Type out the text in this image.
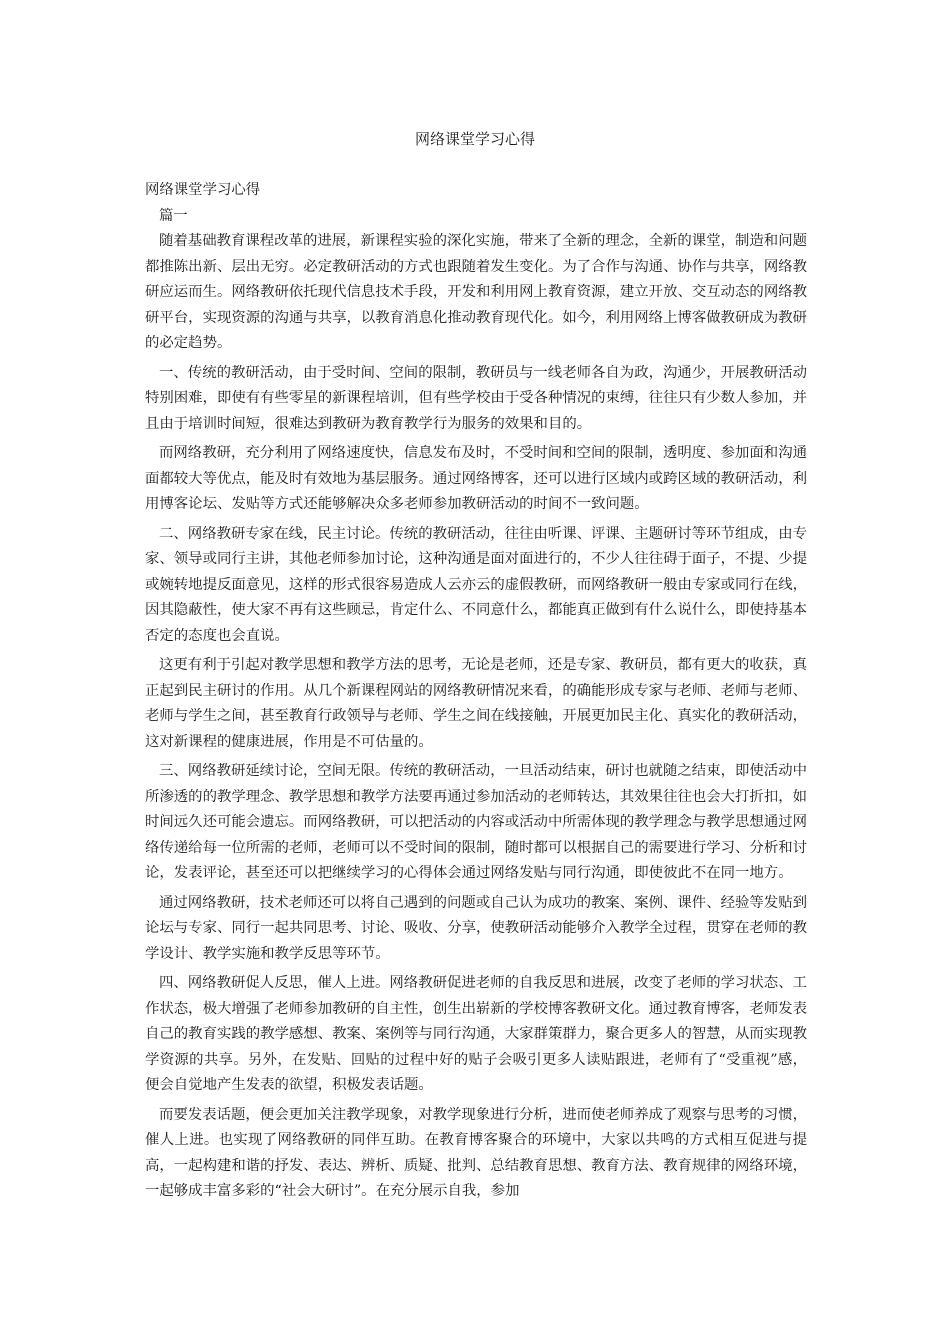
网络课堂学习心得

网络课堂学习心得

篇一

随着基础教育课程改革的进展，新课程实验的深化实施，带来了全新的理念，全新的课堂，制造和问题都推陈出新、层出无穷。必定教研活动的方式也跟随着发生变化。为了合作与沟通、协作与共享，网络教研应运而生。网络教研依托现代信息技术手段，开发和利用网上教育资源，建立开放、交互动态的网络教研平台，实现资源的沟通与共享，以教育消息化推动教育现代化。如今，利用网络上博客做教研成为教研的必定趋势。

一、传统的教研活动，由于受时间、空间的限制，教研员与一线老师各自为政，沟通少，开展教研活动特别困难，即使有有些零星的新课程培训，但有些学校由于受各种情况的束缚，往往只有少数人参加，并且由于培训时间短，很难达到教研为教育教学行为服务的效果和目的。

而网络教研，充分利用了网络速度快，信息发布及时，不受时间和空间的限制，透明度、参加面和沟通面都较大等优点，能及时有效地为基层服务。通过网络博客，还可以进行区域内或跨区域的教研活动，利用博客论坛、发贴等方式还能够解决众多老师参加教研活动的时间不一致问题。

二、网络教研专家在线，民主讨论。传统的教研活动，往往由听课、评课、主题研讨等环节组成，由专家、领导或同行主讲，其他老师参加讨论，这种沟通是面对面进行的，不少人往往碍于面子，不提、少提或婉转地提反面意见，这样的形式很容易造成人云亦云的虚假教研，而网络教研一般由专家或同行在线，因其隐蔽性，使大家不再有这些顾忌，肯定什么、不同意什么，都能真正做到有什么说什么，即使持基本否定的态度也会直说。

这更有利于引起对教学思想和教学方法的思考，无论是老师，还是专家、教研员，都有更大的收获，真正起到民主研讨的作用。从几个新课程网站的网络教研情况来看，的确能形成专家与老师、老师与老师、老师与学生之间，甚至教育行政领导与老师、学生之间在线接触，开展更加民主化、真实化的教研活动，这对新课程的健康进展，作用是不可估量的。

三、网络教研延续讨论，空间无限。传统的教研活动，一旦活动结束，研讨也就随之结束，即使活动中所渗透的的教学理念、教学思想和教学方法要再通过参加活动的老师转达，其效果往往也会大打折扣，如时间远久还可能会遗忘。而网络教研，可以把活动的内容或活动中所需体现的教学理念与教学思想通过网络传递给每一位所需的老师，老师可以不受时间的限制，随时都可以根据自己的需要进行学习、分析和讨论，发表评论，甚至还可以把继续学习的心得体会通过网络发贴与同行沟通，即使彼此不在同一地方。

通过网络教研，技术老师还可以将自己遇到的问题或自己认为成功的教案、案例、课件、经验等发贴到论坛与专家、同行一起共同思考、讨论、吸收、分享，使教研活动能够介入教学全过程，贯穿在老师的教学设计、教学实施和教学反思等环节。

四、网络教研促人反思，催人上进。网络教研促进老师的自我反思和进展，改变了老师的学习状态、工作状态，极大增强了老师参加教研的自主性，创生出崭新的学校博客教研文化。通过教育博客，老师发表自己的教育实践的教学感想、教案、案例等与同行沟通，大家群策群力，聚合更多人的智慧，从而实现教学资源的共享。另外，在发贴、回贴的过程中好的贴子会吸引更多人读贴跟进，老师有了“受重视”感，便会自觉地产生发表的欲望，积极发表话题。

而要发表话题，便会更加关注教学现象，对教学现象进行分析，进而使老师养成了观察与思考的习惯，催人上进。也实现了网络教研的同伴互助。在教育博客聚合的环境中，大家以共鸣的方式相互促进与提高，一起构建和谐的抒发、表达、辨析、质疑、批判、总结教育思想、教育方法、教育规律的网络环境，一起够成丰富多彩的“社会大研讨”。在充分展示自我，参加
